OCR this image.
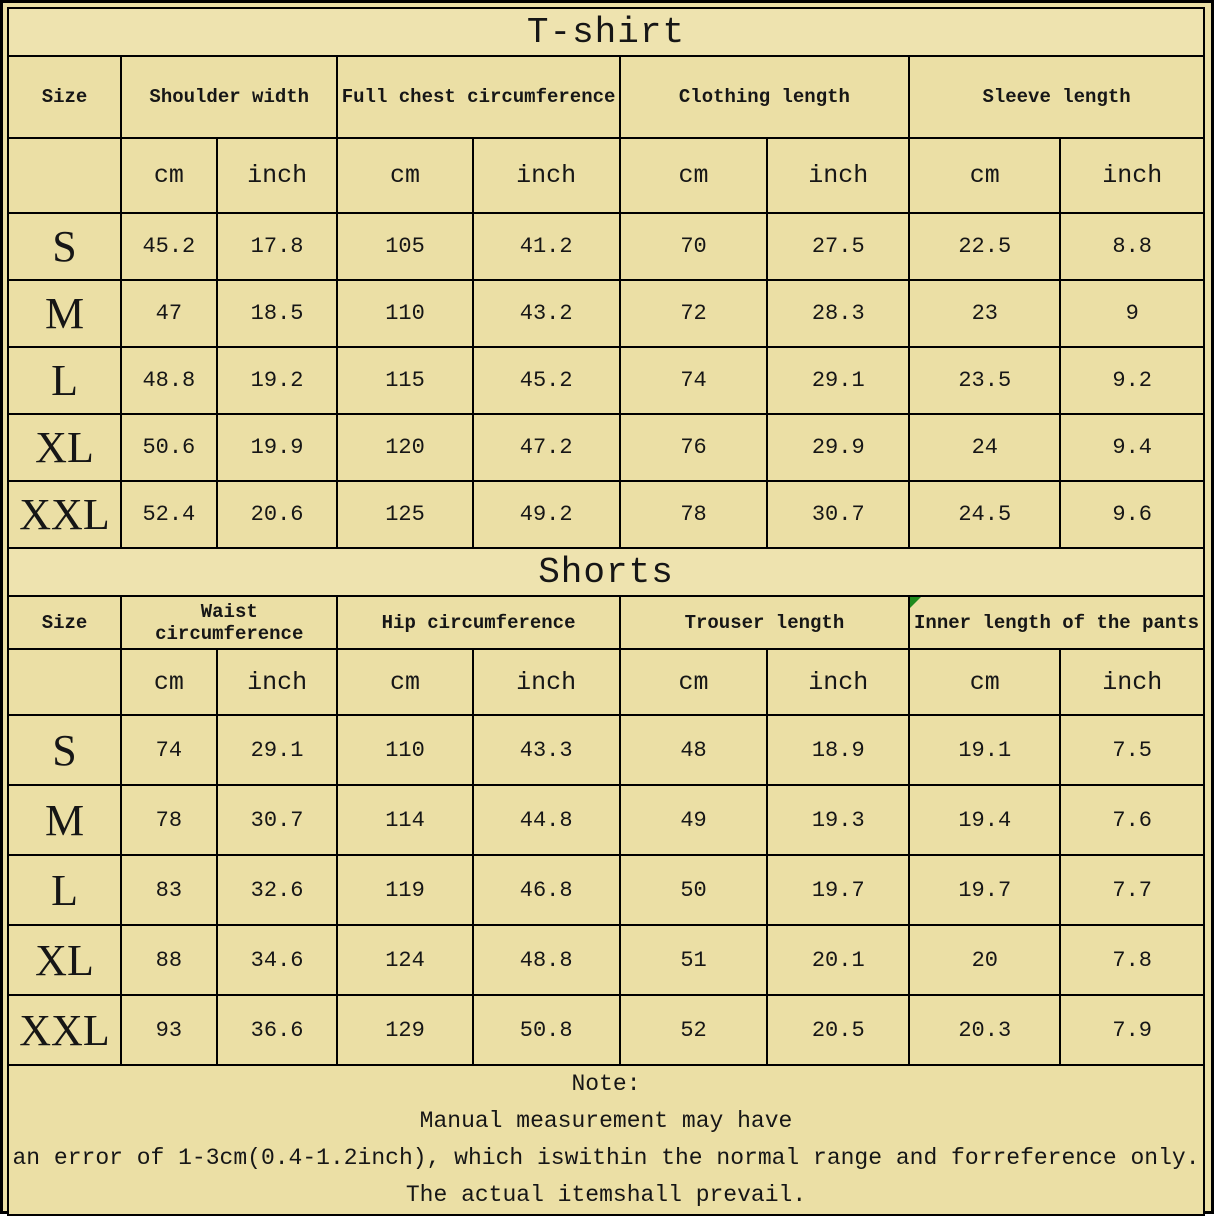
T-shirt								
Size	Shoulder width		Full chest circumference		Clothing length		Sleeve length	
	cm	inch	cm	inch	cm	inch	cm	inch
S	45.2	17.8	105	41.2	70	27.5	22.5	8.8
M	47	18.5	110	43.2	72	28.3	23	9
L	48.8	19.2	115	45.2	74	29.1	23.5	9.2
XL	50.6	19.9	120	47.2	76	29.9	24	9.4
XXL	52.4	20.6	125	49.2	78	30.7	24.5	9.6
Shorts								
Size	Waist circumference		Hip circumference		Trouser length		Inner length of the pants	
	cm	inch	cm	inch	cm	inch	cm	inch
S	74	29.1	110	43.3	48	18.9	19.1	7.5
M	78	30.7	114	44.8	49	19.3	19.4	7.6
L	83	32.6	119	46.8	50	19.7	19.7	7.7
XL	88	34.6	124	48.8	51	20.1	20	7.8
XXL	93	36.6	129	50.8	52	20.5	20.3	7.9

Note:
Manual measurement may have
an error of 1-3cm(0.4-1.2inch), which iswithin the normal range and forreference only.
The actual itemshall prevail.								
